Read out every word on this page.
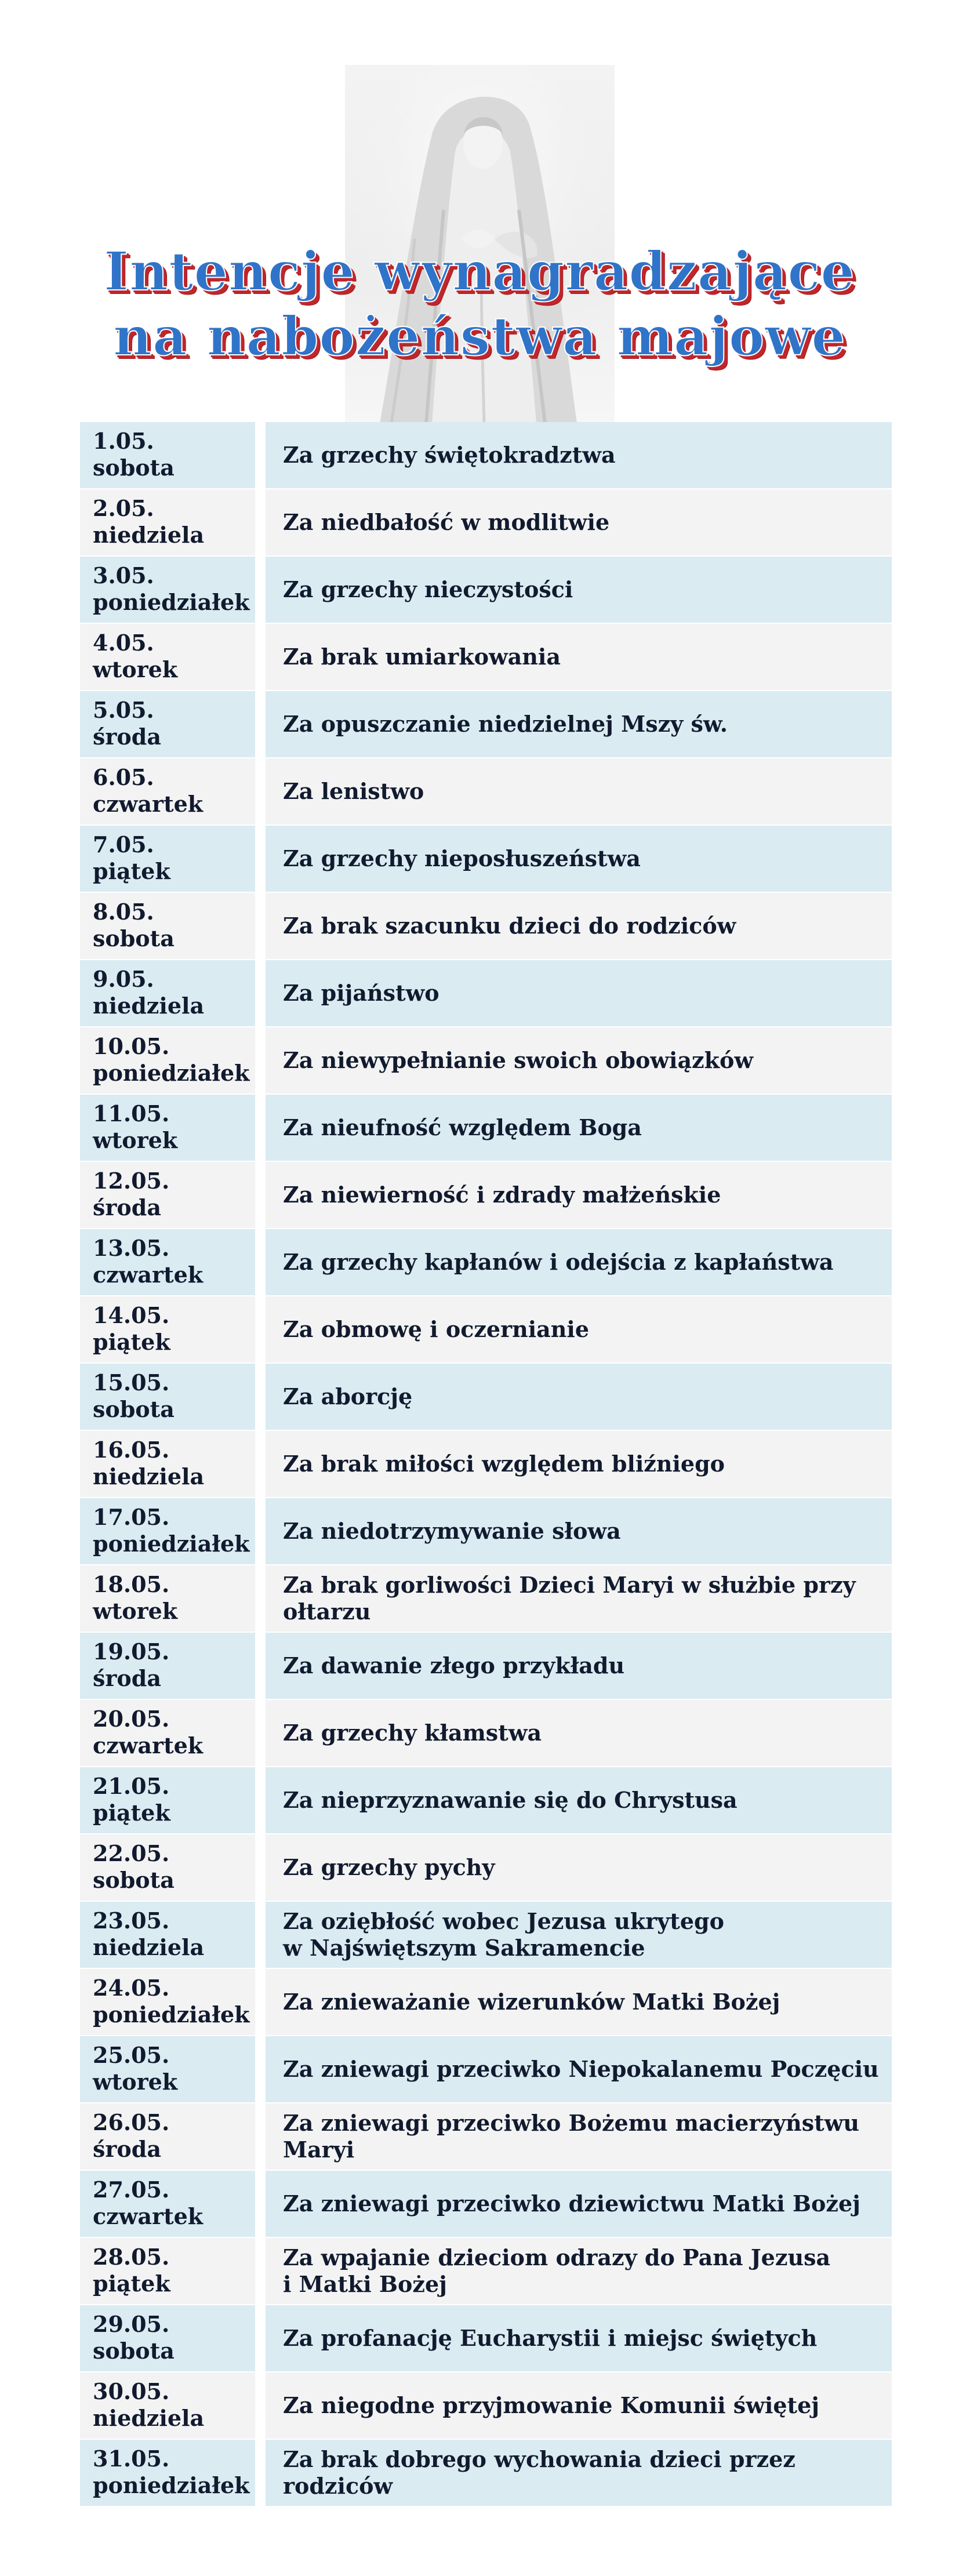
Intencje wynagradzające
na nabożeństwa majowe
1.05.
sobota	Za grzechy świętokradztwa
2.05.
niedziela	Za niedbałość w modlitwie
3.05.
poniedziałek Za grzechy nieczystości
4.05.
wtorek	Za brak umiarkowania
5.05.
środa	Za opuszczanie niedzielnej Mszy św.
6.05.
czwartek	Za lenistwo
7.05.
piątek	Za grzechy nieposłuszeństwa
8.05.
sobota	Za brak szacunku dzieci do rodziców
9.05.
niedziela	Za pijaństwo
10.05.
poniedziałek Za niewypełnianie swoich obowiązków
11.05.
wtorek	Za nieufność względem Boga
12.05.
środa	Za niewierność i zdrady małżeńskie
13.05.
czwartek	Za grzechy kapłanów i odejścia z kapłaństwa
14.05.
piątek	Za obmowę i oczernianie
15.05.
sobota	Za aborcję
16.05.
niedziela	Za brak miłości względem bliźniego
17.05.
poniedziałek Za niedotrzymywanie słowa
18.05.
wtorek
Za brak gorliwości Dzieci Maryi w służbie przy
ołtarzu
19.05.
środa	Za dawanie złego przykładu
20.05.
czwartek	Za grzechy kłamstwa
21.05.
piątek	Za nieprzyznawanie się do Chrystusa
22.05.
sobota	Za grzechy pychy
23.05.
niedziela
Za oziębłość wobec Jezusa ukrytego
w Najświętszym Sakramencie
24.05.
poniedziałek Za znieważanie wizerunków Matki Bożej
25.05.
wtorek	Za zniewagi przeciwko Niepokalanemu Poczęciu
26.05.
środa
Za zniewagi przeciwko Bożemu macierzyństwu
Maryi
27.05.
czwartek	Za zniewagi przeciwko dziewictwu Matki Bożej
28.05.
piątek
Za wpajanie dzieciom odrazy do Pana Jezusa
i Matki Bożej
29.05.
sobota	Za profanację Eucharystii i miejsc świętych
30.05.
niedziela	Za niegodne przyjmowanie Komunii świętej
31.05.
poniedziałek
Za brak dobrego wychowania dzieci przez rodziców
